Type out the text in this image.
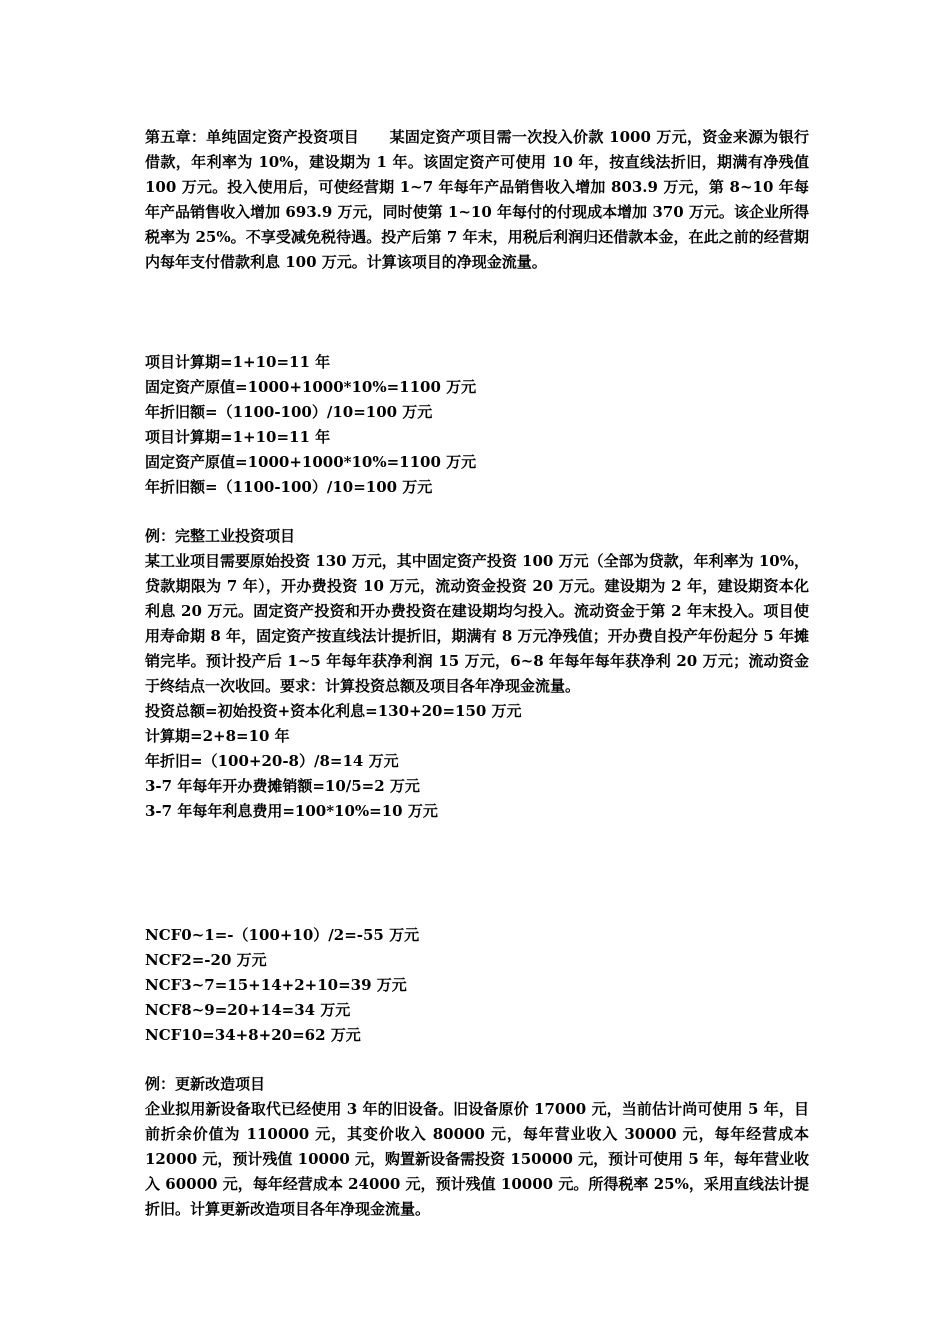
第五章：单纯固定资产投资项目　　某固定资产项目需一次投入价款 1000 万元，资金来源为银行借款，年利率为 10%，建设期为 1 年。该固定资产可使用 10 年，按直线法折旧，期满有净残值 100 万元。投入使用后，可使经营期 1~7 年每年产品销售收入增加 803.9 万元，第 8~10 年每年产品销售收入增加 693.9 万元，同时使第 1~10 年每付的付现成本增加 370 万元。该企业所得税率为 25%。不享受减免税待遇。投产后第 7 年末，用税后利润归还借款本金，在此之前的经营期内每年支付借款利息 100 万元。计算该项目的净现金流量。
项目计算期=1+10=11 年
固定资产原值=1000+1000*10%=1100 万元
年折旧额=（1100-100）/10=100 万元
项目计算期=1+10=11 年
固定资产原值=1000+1000*10%=1100 万元
年折旧额=（1100-100）/10=100 万元
例：完整工业投资项目
某工业项目需要原始投资 130 万元，其中固定资产投资 100 万元（全部为贷款，年利率为 10%，贷款期限为 7 年），开办费投资 10 万元，流动资金投资 20 万元。建设期为 2 年，建设期资本化利息 20 万元。固定资产投资和开办费投资在建设期均匀投入。流动资金于第 2 年末投入。项目使用寿命期 8 年，固定资产按直线法计提折旧，期满有 8 万元净残值；开办费自投产年份起分 5 年摊销完毕。预计投产后 1~5 年每年获净利润 15 万元，6~8 年每年每年获净利 20 万元；流动资金于终结点一次收回。要求：计算投资总额及项目各年净现金流量。
投资总额=初始投资+资本化利息=130+20=150 万元
计算期=2+8=10 年
年折旧=（100+20-8）/8=14 万元
3-7 年每年开办费摊销额=10/5=2 万元
3-7 年每年利息费用=100*10%=10 万元
NCF0~1=-（100+10）/2=-55 万元
NCF2=-20 万元
NCF3~7=15+14+2+10=39 万元
NCF8~9=20+14=34 万元
NCF10=34+8+20=62 万元
例：更新改造项目
企业拟用新设备取代已经使用 3 年的旧设备。旧设备原价 17000 元，当前估计尚可使用 5 年，目前折余价值为 110000 元，其变价收入 80000 元，每年营业收入 30000 元，每年经营成本 12000 元，预计残值 10000 元，购置新设备需投资 150000 元，预计可使用 5 年，每年营业收入 60000 元，每年经营成本 24000 元，预计残值 10000 元。所得税率 25%，采用直线法计提折旧。计算更新改造项目各年净现金流量。
